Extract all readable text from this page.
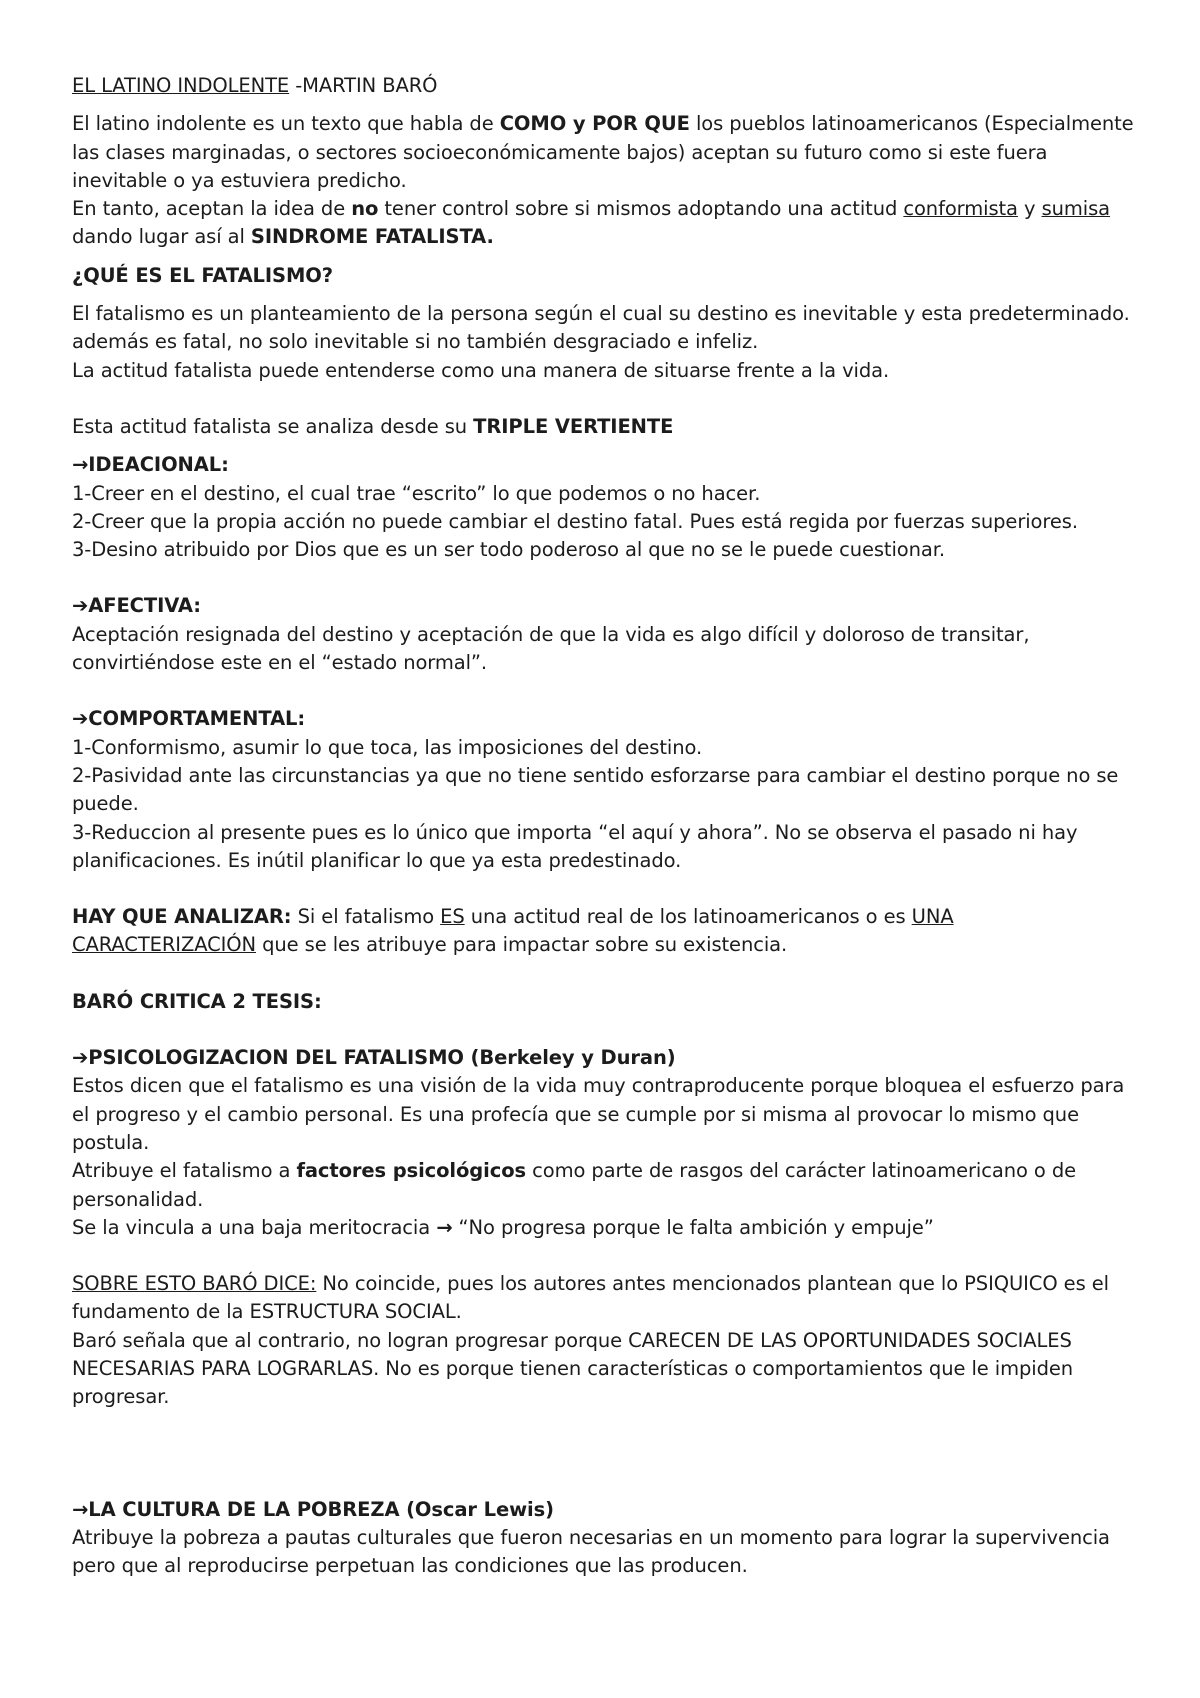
EL LATINO INDOLENTE -MARTIN BARÓ

El latino indolente es un texto que habla de COMO y POR QUE los pueblos latinoamericanos (Especialmente las clases marginadas, o sectores socioeconómicamente bajos) aceptan su futuro como si este fuera inevitable o ya estuviera predicho.

En tanto, aceptan la idea de no tener control sobre si mismos adoptando una actitud conformista y sumisa dando lugar así al SINDROME FATALISTA.

¿QUÉ ES EL FATALISMO?

El fatalismo es un planteamiento de la persona según el cual su destino es inevitable y esta predeterminado. además es fatal, no solo inevitable si no también desgraciado e infeliz.

La actitud fatalista puede entenderse como una manera de situarse frente a la vida.

Esta actitud fatalista se analiza desde su TRIPLE VERTIENTE

→IDEACIONAL:

1-Creer en el destino, el cual trae “escrito” lo que podemos o no hacer.

2-Creer que la propia acción no puede cambiar el destino fatal. Pues está regida por fuerzas superiores.

3-Desino atribuido por Dios que es un ser todo poderoso al que no se le puede cuestionar.

➔AFECTIVA:

Aceptación resignada del destino y aceptación de que la vida es algo difícil y doloroso de transitar, convirtiéndose este en el “estado normal”.

➔COMPORTAMENTAL:

1-Conformismo, asumir lo que toca, las imposiciones del destino.

2-Pasividad ante las circunstancias ya que no tiene sentido esforzarse para cambiar el destino porque no se puede.

3-Reduccion al presente pues es lo único que importa “el aquí y ahora”. No se observa el pasado ni hay planificaciones. Es inútil planificar lo que ya esta predestinado.

HAY QUE ANALIZAR: Si el fatalismo ES una actitud real de los latinoamericanos o es UNA CARACTERIZACIÓN que se les atribuye para impactar sobre su existencia.

BARÓ CRITICA 2 TESIS:

➔PSICOLOGIZACION DEL FATALISMO (Berkeley y Duran)

Estos dicen que el fatalismo es una visión de la vida muy contraproducente porque bloquea el esfuerzo para el progreso y el cambio personal. Es una profecía que se cumple por si misma al provocar lo mismo que postula.

Atribuye el fatalismo a factores psicológicos como parte de rasgos del carácter latinoamericano o de personalidad.

Se la vincula a una baja meritocracia → “No progresa porque le falta ambición y empuje”

SOBRE ESTO BARÓ DICE: No coincide, pues los autores antes mencionados plantean que lo PSIQUICO es el fundamento de la ESTRUCTURA SOCIAL.

Baró señala que al contrario, no logran progresar porque CARECEN DE LAS OPORTUNIDADES SOCIALES NECESARIAS PARA LOGRARLAS. No es porque tienen características o comportamientos que le impiden progresar.

→LA CULTURA DE LA POBREZA (Oscar Lewis)

Atribuye la pobreza a pautas culturales que fueron necesarias en un momento para lograr la supervivencia pero que al reproducirse perpetuan las condiciones que las producen.
